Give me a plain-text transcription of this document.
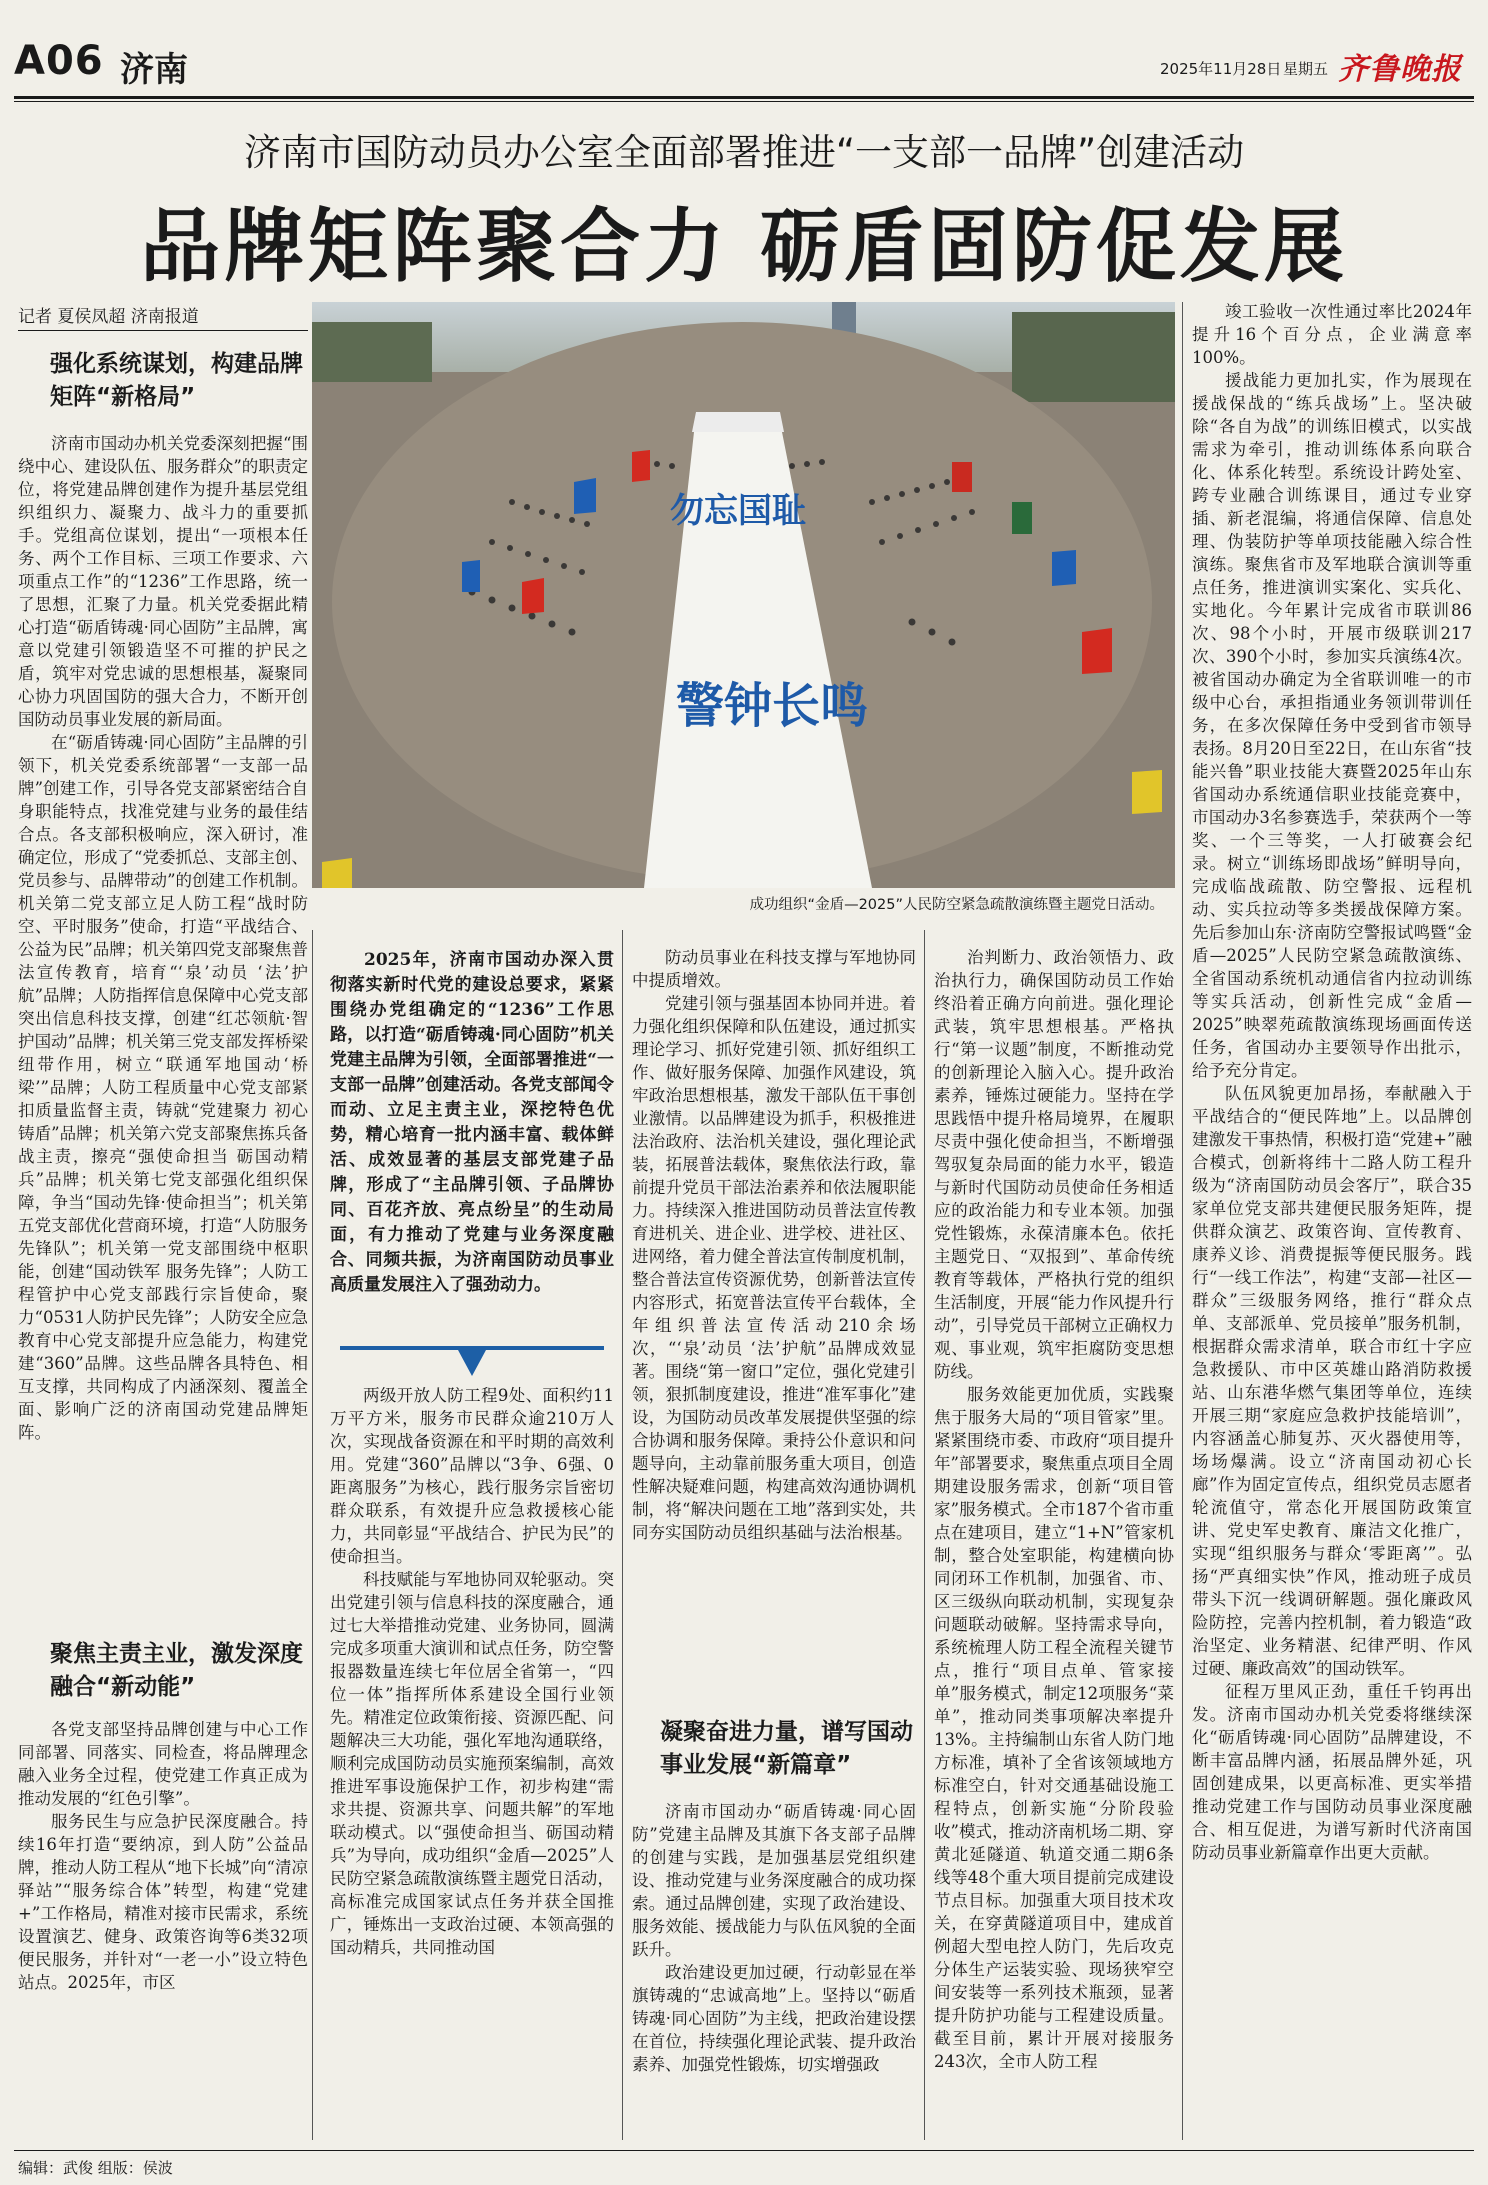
A06 济南	2025年11月28日 星期五 齐鲁晚报
济南市国防动员办公室全面部署推进“一支部一品牌”创建活动
品牌矩阵聚合力 砺盾固防促发展
记者 夏侯凤超 济南报道
强化系统谋划，构建品牌矩阵“新格局”

济南市国动办机关党委深刻把握“围绕中心、建设队伍、服务群众”的职责定位，将党建品牌创建作为提升基层党组织组织力、凝聚力、战斗力的重要抓手。党组高位谋划，提出“一项根本任务、两个工作目标、三项工作要求、六项重点工作”的“1236”工作思路，统一了思想，汇聚了力量。机关党委据此精心打造“砺盾铸魂·同心固防”主品牌，寓意以党建引领锻造坚不可摧的护民之盾，筑牢对党忠诚的思想根基，凝聚同心协力巩固国防的强大合力，不断开创国防动员事业发展的新局面。

在“砺盾铸魂·同心固防”主品牌的引领下，机关党委系统部署“一支部一品牌”创建工作，引导各党支部紧密结合自身职能特点，找准党建与业务的最佳结合点。各支部积极响应，深入研讨，准确定位，形成了“党委抓总、支部主创、党员参与、品牌带动”的创建工作机制。机关第二党支部立足人防工程“战时防空、平时服务”使命，打造“平战结合、公益为民”品牌；机关第四党支部聚焦普法宣传教育，培育“‘泉’动员 ‘法’护航”品牌；人防指挥信息保障中心党支部突出信息科技支撑，创建“红芯领航·智护国动”品牌；机关第三党支部发挥桥梁纽带作用，树立“联通军地国动‘桥梁’”品牌；人防工程质量中心党支部紧扣质量监督主责，铸就“党建聚力 初心铸盾”品牌；机关第六党支部聚焦拣兵备战主责，擦亮“强使命担当 砺国动精兵”品牌；机关第七党支部强化组织保障，争当“国动先锋·使命担当”；机关第五党支部优化营商环境，打造“人防服务先锋队”；机关第一党支部围绕中枢职能，创建“国动铁军 服务先锋”；人防工程管护中心党支部践行宗旨使命，聚力“0531人防护民先锋”；人防安全应急教育中心党支部提升应急能力，构建党建“360”品牌。这些品牌各具特色、相互支撑，共同构成了内涵深刻、覆盖全面、影响广泛的济南国动党建品牌矩阵。

聚焦主责主业，激发深度融合“新动能”

各党支部坚持品牌创建与中心工作同部署、同落实、同检查，将品牌理念融入业务全过程，使党建工作真正成为推动发展的“红色引擎”。

服务民生与应急护民深度融合。持续16年打造“要纳凉，到人防”公益品牌，推动人防工程从“地下长城”向“清凉驿站”“服务综合体”转型，构建“党建+”工作格局，精准对接市民需求，系统设置演艺、健身、政策咨询等6类32项便民服务，并针对“一老一小”设立特色站点。2025年，市区

勿忘国耻
警钟长鸣
成功组织“金盾—2025”人民防空紧急疏散演练暨主题党日活动。

2025年，济南市国动办深入贯彻落实新时代党的建设总要求，紧紧围绕办党组确定的“1236”工作思路，以打造“砺盾铸魂·同心固防”机关党建主品牌为引领，全面部署推进“一支部一品牌”创建活动。各党支部闻令而动、立足主责主业，深挖特色优势，精心培育一批内涵丰富、载体鲜活、成效显著的基层支部党建子品牌，形成了“主品牌引领、子品牌协同、百花齐放、亮点纷呈”的生动局面，有力推动了党建与业务深度融合、同频共振，为济南国防动员事业高质量发展注入了强劲动力。

两级开放人防工程9处、面积约11万平方米，服务市民群众逾210万人次，实现战备资源在和平时期的高效利用。党建“360”品牌以“3争、6强、0距离服务”为核心，践行服务宗旨密切群众联系，有效提升应急救援核心能力，共同彰显“平战结合、护民为民”的使命担当。

科技赋能与军地协同双轮驱动。突出党建引领与信息科技的深度融合，通过七大举措推动党建、业务协同，圆满完成多项重大演训和试点任务，防空警报器数量连续七年位居全省第一，“四位一体”指挥所体系建设全国行业领先。精准定位政策衔接、资源匹配、问题解决三大功能，强化军地沟通联络，顺利完成国防动员实施预案编制，高效推进军事设施保护工作，初步构建“需求共提、资源共享、问题共解”的军地联动模式。以“强使命担当、砺国动精兵”为导向，成功组织“金盾—2025”人民防空紧急疏散演练暨主题党日活动，高标准完成国家试点任务并获全国推广，锤炼出一支政治过硬、本领高强的国动精兵，共同推动国

防动员事业在科技支撑与军地协同中提质增效。

党建引领与强基固本协同并进。着力强化组织保障和队伍建设，通过抓实理论学习、抓好党建引领、抓好组织工作、做好服务保障、加强作风建设，筑牢政治思想根基，激发干部队伍干事创业激情。以品牌建设为抓手，积极推进法治政府、法治机关建设，强化理论武装，拓展普法载体，聚焦依法行政，靠前提升党员干部法治素养和依法履职能力。持续深入推进国防动员普法宣传教育进机关、进企业、进学校、进社区、进网络，着力健全普法宣传制度机制，整合普法宣传资源优势，创新普法宣传内容形式，拓宽普法宣传平台载体，全年组织普法宣传活动210余场次，“‘泉’动员 ‘法’护航”品牌成效显著。围绕“第一窗口”定位，强化党建引领，狠抓制度建设，推进“准军事化”建设，为国防动员改革发展提供坚强的综合协调和服务保障。秉持公仆意识和问题导向，主动靠前服务重大项目，创造性解决疑难问题，构建高效沟通协调机制，将“解决问题在工地”落到实处，共同夯实国防动员组织基础与法治根基。

凝聚奋进力量，谱写国动事业发展“新篇章”

济南市国动办“砺盾铸魂·同心固防”党建主品牌及其旗下各支部子品牌的创建与实践，是加强基层党组织建设、推动党建与业务深度融合的成功探索。通过品牌创建，实现了政治建设、服务效能、援战能力与队伍风貌的全面跃升。

政治建设更加过硬，行动彰显在举旗铸魂的“忠诚高地”上。坚持以“砺盾铸魂·同心固防”为主线，把政治建设摆在首位，持续强化理论武装、提升政治素养、加强党性锻炼，切实增强政

治判断力、政治领悟力、政治执行力，确保国防动员工作始终沿着正确方向前进。强化理论武装，筑牢思想根基。严格执行“第一议题”制度，不断推动党的创新理论入脑入心。提升政治素养，锤炼过硬能力。坚持在学思践悟中提升格局境界，在履职尽责中强化使命担当，不断增强驾驭复杂局面的能力水平，锻造与新时代国防动员使命任务相适应的政治能力和专业本领。加强党性锻炼，永葆清廉本色。依托主题党日、“双报到”、革命传统教育等载体，严格执行党的组织生活制度，开展“能力作风提升行动”，引导党员干部树立正确权力观、事业观，筑牢拒腐防变思想防线。

服务效能更加优质，实践聚焦于服务大局的“项目管家”里。紧紧围绕市委、市政府“项目提升年”部署要求，聚焦重点项目全周期建设服务需求，创新“项目管家”服务模式。全市187个省市重点在建项目，建立“1+N”管家机制，整合处室职能，构建横向协同闭环工作机制，加强省、市、区三级纵向联动机制，实现复杂问题联动破解。坚持需求导向，系统梳理人防工程全流程关键节点，推行“项目点单、管家接单”服务模式，制定12项服务“菜单”，推动同类事项解决率提升13%。主持编制山东省人防门地方标准，填补了全省该领域地方标准空白，针对交通基础设施工程特点，创新实施“分阶段验收”模式，推动济南机场二期、穿黄北延隧道、轨道交通二期6条线等48个重大项目提前完成建设节点目标。加强重大项目技术攻关，在穿黄隧道项目中，建成首例超大型电控人防门，先后攻克分体生产运装实验、现场狭窄空间安装等一系列技术瓶颈，显著提升防护功能与工程建设质量。截至目前，累计开展对接服务243次，全市人防工程

竣工验收一次性通过率比2024年提升16个百分点，企业满意率100%。

援战能力更加扎实，作为展现在援战保战的“练兵战场”上。坚决破除“各自为战”的训练旧模式，以实战需求为牵引，推动训练体系向联合化、体系化转型。系统设计跨处室、跨专业融合训练课目，通过专业穿插、新老混编，将通信保障、信息处理、伪装防护等单项技能融入综合性演练。聚焦省市及军地联合演训等重点任务，推进演训实案化、实兵化、实地化。今年累计完成省市联训86次、98个小时，开展市级联训217次、390个小时，参加实兵演练4次。被省国动办确定为全省联训唯一的市级中心台，承担指通业务领训带训任务，在多次保障任务中受到省市领导表扬。8月20日至22日，在山东省“技能兴鲁”职业技能大赛暨2025年山东省国动办系统通信职业技能竞赛中，市国动办3名参赛选手，荣获两个一等奖、一个三等奖，一人打破赛会纪录。树立“训练场即战场”鲜明导向，完成临战疏散、防空警报、远程机动、实兵拉动等多类援战保障方案。先后参加山东·济南防空警报试鸣暨“金盾—2025”人民防空紧急疏散演练、全省国动系统机动通信省内拉动训练等实兵活动，创新性完成“金盾—2025”映翠苑疏散演练现场画面传送任务，省国动办主要领导作出批示，给予充分肯定。

队伍风貌更加昂扬，奉献融入于平战结合的“便民阵地”上。以品牌创建激发干事热情，积极打造“党建+”融合模式，创新将纬十二路人防工程升级为“济南国防动员会客厅”，联合35家单位党支部共建便民服务矩阵，提供群众演艺、政策咨询、宣传教育、康养义诊、消费提振等便民服务。践行“一线工作法”，构建“支部—社区—群众”三级服务网络，推行“群众点单、支部派单、党员接单”服务机制，根据群众需求清单，联合市红十字应急救援队、市中区英雄山路消防救援站、山东港华燃气集团等单位，连续开展三期“家庭应急救护技能培训”，内容涵盖心肺复苏、灭火器使用等，场场爆满。设立“济南国动初心长廊”作为固定宣传点，组织党员志愿者轮流值守，常态化开展国防政策宣讲、党史军史教育、廉洁文化推广，实现“组织服务与群众‘零距离’”。弘扬“严真细实快”作风，推动班子成员带头下沉一线调研解题。强化廉政风险防控，完善内控机制，着力锻造“政治坚定、业务精湛、纪律严明、作风过硬、廉政高效”的国动铁军。

征程万里风正劲，重任千钧再出发。济南市国动办机关党委将继续深化“砺盾铸魂·同心固防”品牌建设，不断丰富品牌内涵，拓展品牌外延，巩固创建成果，以更高标准、更实举措推动党建工作与国防动员事业深度融合、相互促进，为谱写新时代济南国防动员事业新篇章作出更大贡献。

编辑：武俊 组版：侯波
